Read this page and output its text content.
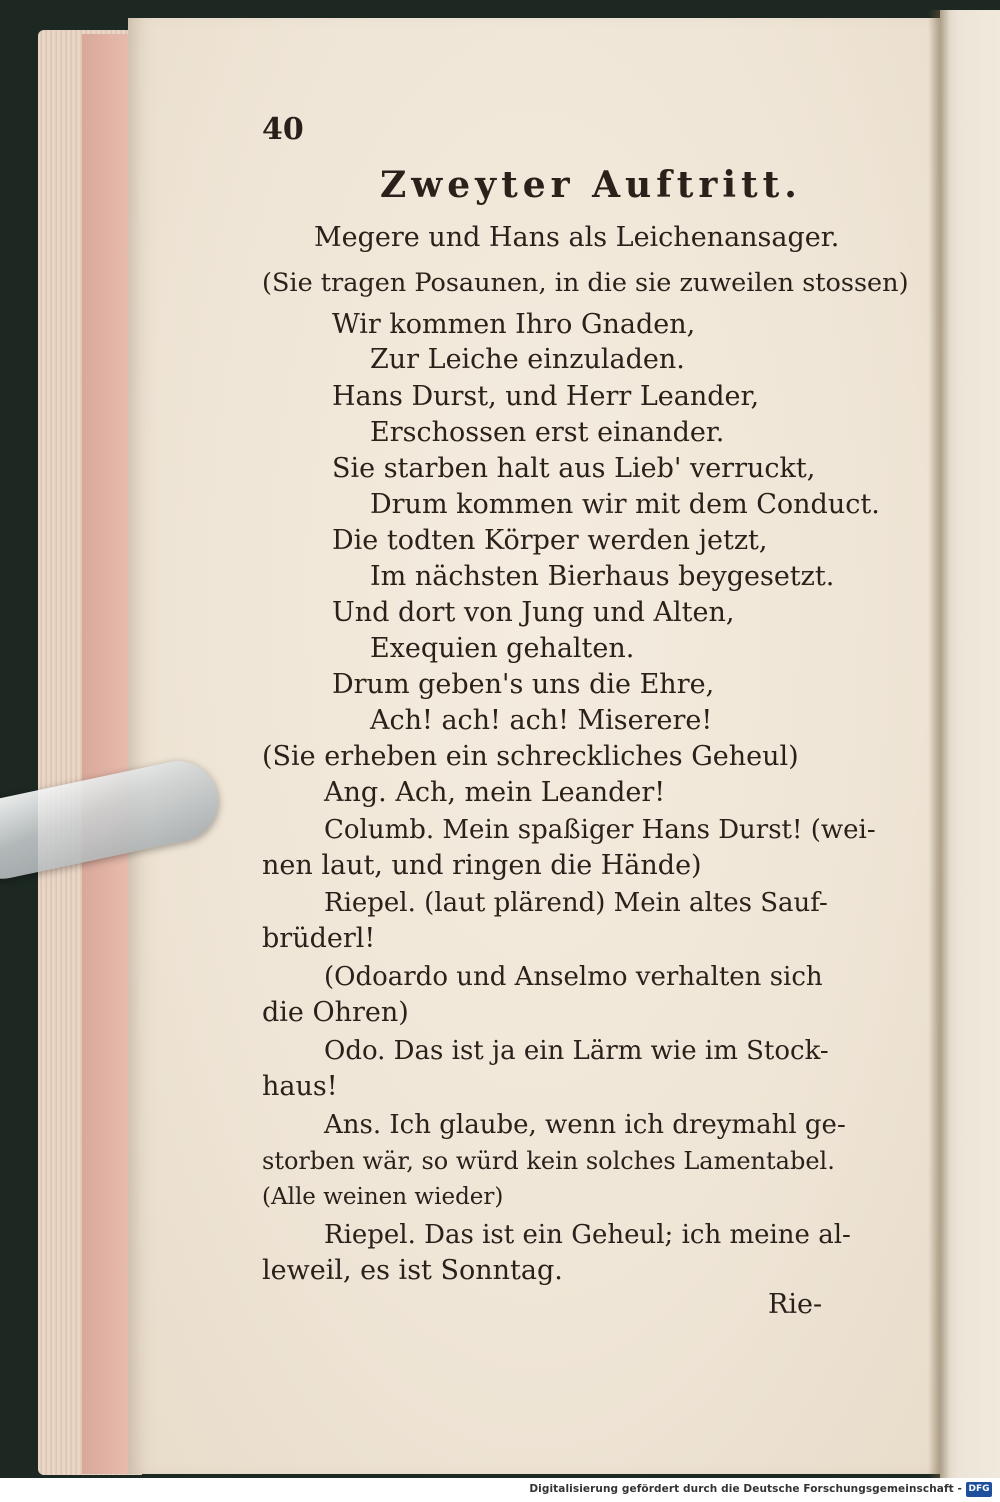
40
Zweyter Auftritt.
Megere und Hans als Leichenansager.
(Sie tragen Posaunen, in die sie zuweilen stossen)
Wir kommen Ihro Gnaden,
Zur Leiche einzuladen.
Hans Durst, und Herr Leander,
Erschossen erst einander.
Sie starben halt aus Lieb' verruckt,
Drum kommen wir mit dem Conduct.
Die todten Körper werden jetzt,
Im nächsten Bierhaus beygesetzt.
Und dort von Jung und Alten,
Exequien gehalten.
Drum geben's uns die Ehre,
Ach! ach! ach! Miserere!
(Sie erheben ein schreckliches Geheul)
Ang. Ach, mein Leander!
Columb. Mein spaßiger Hans Durst! (wei-
nen laut, und ringen die Hände)
Riepel. (laut plärend) Mein altes Sauf-
brüderl!
(Odoardo und Anselmo verhalten sich
die Ohren)
Odo. Das ist ja ein Lärm wie im Stock-
haus!
Ans. Ich glaube, wenn ich dreymahl ge-
storben wär, so würd kein solches Lamentabel.
(Alle weinen wieder)
Riepel. Das ist ein Geheul; ich meine al-
leweil, es ist Sonntag.
Rie-
Digitalisierung gefördert durch die Deutsche Forschungsgemeinschaft - DFG
